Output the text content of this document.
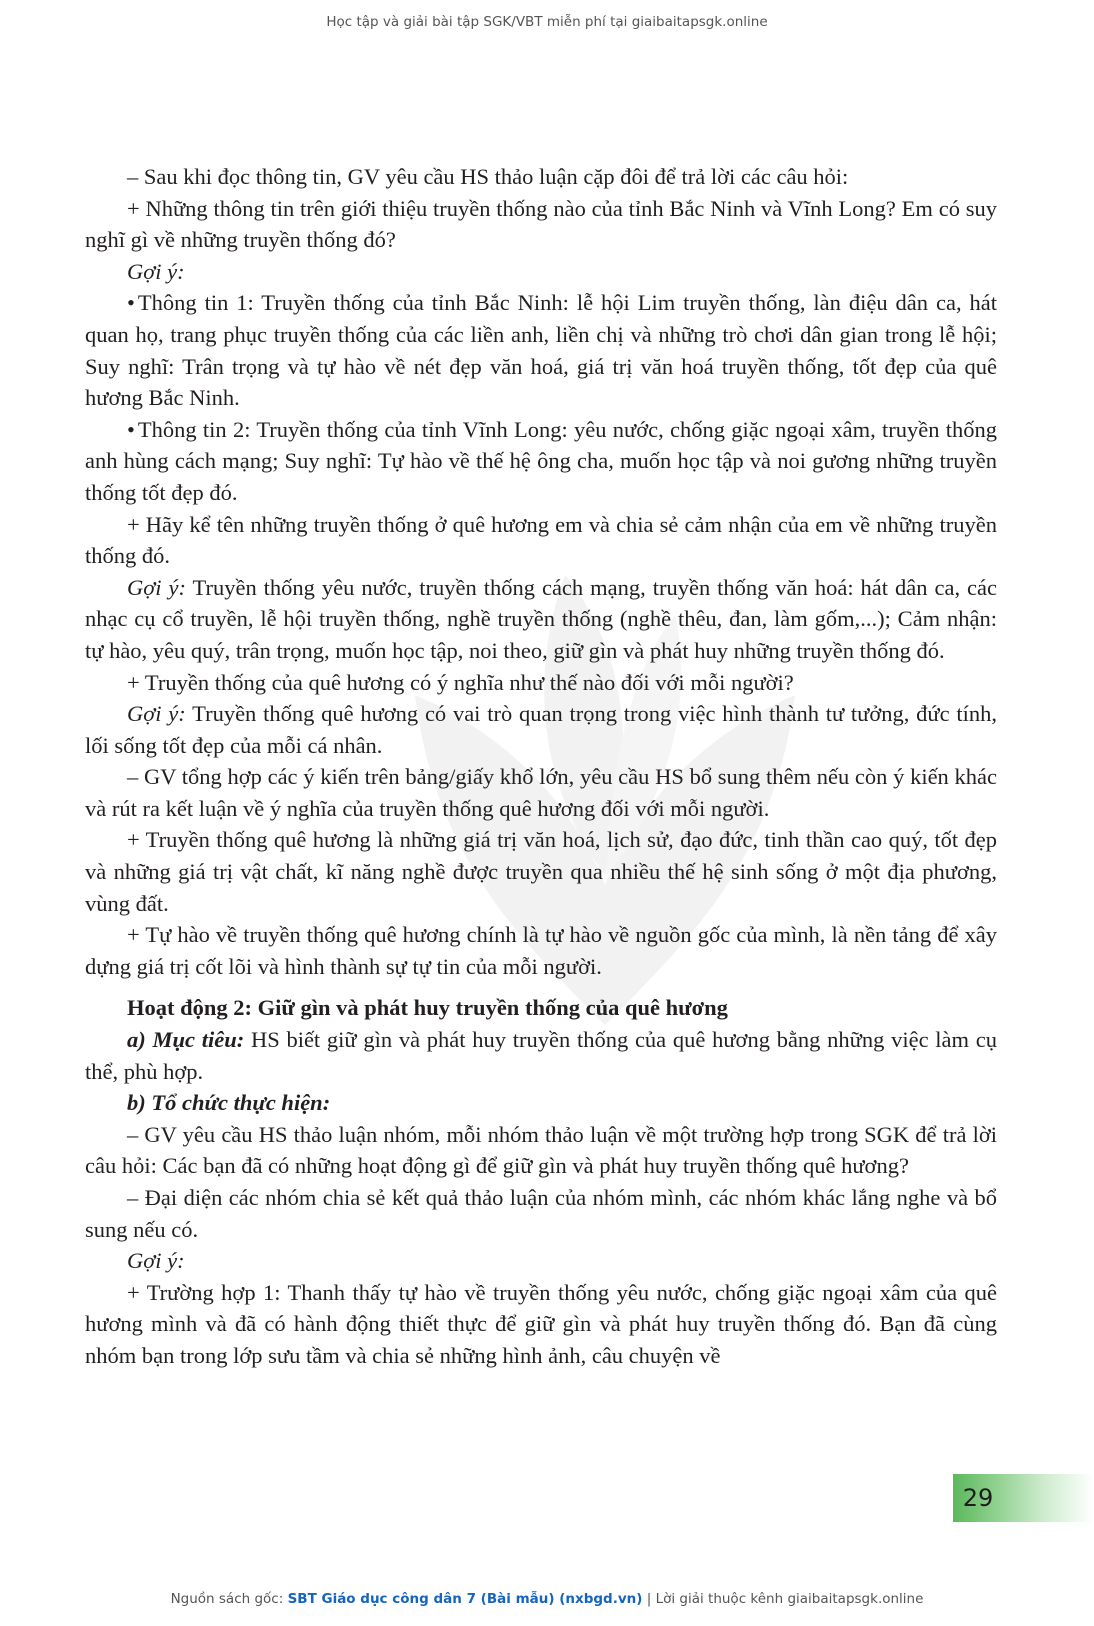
Học tập và giải bài tập SGK/VBT miễn phí tại giaibaitapsgk.online

– Sau khi đọc thông tin, GV yêu cầu HS thảo luận cặp đôi để trả lời các câu hỏi:

+ Những thông tin trên giới thiệu truyền thống nào của tỉnh Bắc Ninh và Vĩnh Long? Em có suy nghĩ gì về những truyền thống đó?

Gợi ý:

• Thông tin 1: Truyền thống của tỉnh Bắc Ninh: lễ hội Lim truyền thống, làn điệu dân ca, hát quan họ, trang phục truyền thống của các liền anh, liền chị và những trò chơi dân gian trong lễ hội; Suy nghĩ: Trân trọng và tự hào về nét đẹp văn hoá, giá trị văn hoá truyền thống, tốt đẹp của quê hương Bắc Ninh.

• Thông tin 2: Truyền thống của tỉnh Vĩnh Long: yêu nước, chống giặc ngoại xâm, truyền thống anh hùng cách mạng; Suy nghĩ: Tự hào về thế hệ ông cha, muốn học tập và noi gương những truyền thống tốt đẹp đó.

+ Hãy kể tên những truyền thống ở quê hương em và chia sẻ cảm nhận của em về những truyền thống đó.

Gợi ý: Truyền thống yêu nước, truyền thống cách mạng, truyền thống văn hoá: hát dân ca, các nhạc cụ cổ truyền, lễ hội truyền thống, nghề truyền thống (nghề thêu, đan, làm gốm,...); Cảm nhận: tự hào, yêu quý, trân trọng, muốn học tập, noi theo, giữ gìn và phát huy những truyền thống đó.

+ Truyền thống của quê hương có ý nghĩa như thế nào đối với mỗi người?

Gợi ý: Truyền thống quê hương có vai trò quan trọng trong việc hình thành tư tưởng, đức tính, lối sống tốt đẹp của mỗi cá nhân.

– GV tổng hợp các ý kiến trên bảng/giấy khổ lớn, yêu cầu HS bổ sung thêm nếu còn ý kiến khác và rút ra kết luận về ý nghĩa của truyền thống quê hương đối với mỗi người.

+ Truyền thống quê hương là những giá trị văn hoá, lịch sử, đạo đức, tinh thần cao quý, tốt đẹp và những giá trị vật chất, kĩ năng nghề được truyền qua nhiều thế hệ sinh sống ở một địa phương, vùng đất.

+ Tự hào về truyền thống quê hương chính là tự hào về nguồn gốc của mình, là nền tảng để xây dựng giá trị cốt lõi và hình thành sự tự tin của mỗi người.

Hoạt động 2: Giữ gìn và phát huy truyền thống của quê hương

a) Mục tiêu: HS biết giữ gìn và phát huy truyền thống của quê hương bằng những việc làm cụ thể, phù hợp.

b) Tổ chức thực hiện:

– GV yêu cầu HS thảo luận nhóm, mỗi nhóm thảo luận về một trường hợp trong SGK để trả lời câu hỏi: Các bạn đã có những hoạt động gì để giữ gìn và phát huy truyền thống quê hương?

– Đại diện các nhóm chia sẻ kết quả thảo luận của nhóm mình, các nhóm khác lắng nghe và bổ sung nếu có.

Gợi ý:

+ Trường hợp 1: Thanh thấy tự hào về truyền thống yêu nước, chống giặc ngoại xâm của quê hương mình và đã có hành động thiết thực để giữ gìn và phát huy truyền thống đó. Bạn đã cùng nhóm bạn trong lớp sưu tầm và chia sẻ những hình ảnh, câu chuyện về

29
Nguồn sách gốc: SBT Giáo dục công dân 7 (Bài mẫu) (nxbgd.vn) | Lời giải thuộc kênh giaibaitapsgk.online
